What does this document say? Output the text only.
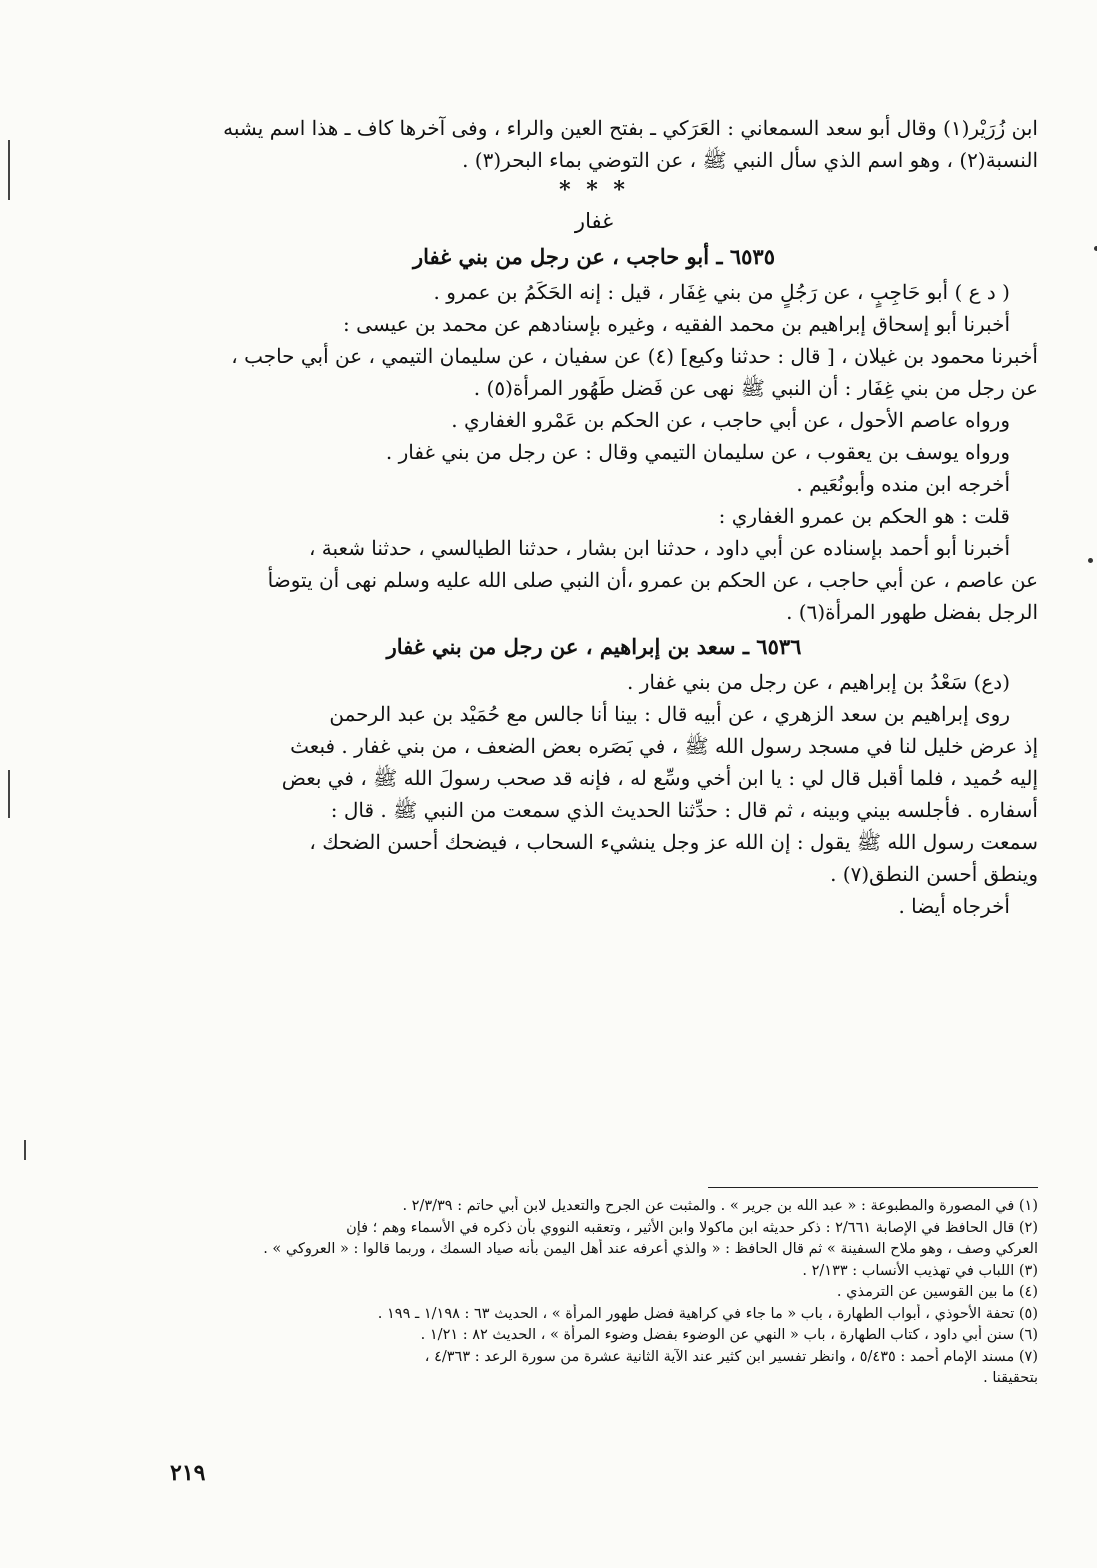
ابن زُرَيْر(١) وقال أبو سعد السمعاني : العَرَكي ـ بفتح العين والراء ، وفى آخرها كاف ـ هذا اسم يشبه

النسبة(٢) ، وهو اسم الذي سأل النبي ﷺ ، عن التوضي بماء البحر(٣) .

* * *
غفار
٦٥٣٥ ـ أبو حاجب ، عن رجل من بني غفار

( د ع ) أبو حَاجِبٍ ، عن رَجُلٍ من بني غِفَار ، قيل : إنه الحَكَمُ بن عمرو .

أخبرنا أبو إسحاق إبراهيم بن محمد الفقيه ، وغيره بإسنادهم عن محمد بن عيسى :

أخبرنا محمود بن غيلان ، [ قال : حدثنا وكيع] (٤) عن سفيان ، عن سليمان التيمي ، عن أبي حاجب ،

عن رجل من بني غِفَار : أن النبي ﷺ نهى عن فَضل طَهُور المرأة(٥) .

ورواه عاصم الأحول ، عن أبي حاجب ، عن الحكم بن عَمْرو الغفاري .

ورواه يوسف بن يعقوب ، عن سليمان التيمي وقال : عن رجل من بني غفار .

أخرجه ابن منده وأبونُعَيم .

قلت : هو الحكم بن عمرو الغفاري :

أخبرنا أبو أحمد بإسناده عن أبي داود ، حدثنا ابن بشار ، حدثنا الطيالسي ، حدثنا شعبة ،

عن عاصم ، عن أبي حاجب ، عن الحكم بن عمرو ،أن النبي صلى الله عليه وسلم نهى أن يتوضأ

الرجل بفضل طهور المرأة(٦) .

٦٥٣٦ ـ سعد بن إبراهيم ، عن رجل من بني غفار

(دع) سَعْدُ بن إبراهيم ، عن رجل من بني غفار .

روى إبراهيم بن سعد الزهري ، عن أبيه قال : بينا أنا جالس مع حُمَيْد بن عبد الرحمن

إذ عرض خليل لنا في مسجد رسول الله ﷺ ، في بَصَره بعض الضعف ، من بني غفار . فبعث

إليه حُميد ، فلما أقبل قال لي : يا ابن أخي وسِّع له ، فإنه قد صحب رسولَ الله ﷺ ، في بعض

أسفاره . فأجلسه بيني وبينه ، ثم قال : حدِّثنا الحديث الذي سمعت من النبي ﷺ . قال :

سمعت رسول الله ﷺ يقول : إن الله عز وجل ينشيء السحاب ، فيضحك أحسن الضحك ،

وينطق أحسن النطق(٧) .

أخرجاه أيضا .

(١) في المصورة والمطبوعة : « عبد الله بن جرير » . والمثبت عن الجرح والتعديل لابن أبي حاتم : ٢/٣/٣٩ .

(٢) قال الحافظ في الإصابة ٢/٦٦١ : ذكر حديثه ابن ماكولا وابن الأثير ، وتعقبه النووي بأن ذكره في الأسماء وهم ؛ فإن

العركي وصف ، وهو ملاح السفينة » ثم قال الحافظ : « والذي أعرفه عند أهل اليمن بأنه صياد السمك ، وربما قالوا : « العروكي » .

(٣) اللباب في تهذيب الأنساب : ٢/١٣٣ .

(٤) ما بين القوسين عن الترمذي .

(٥) تحفة الأحوذي ، أبواب الطهارة ، باب « ما جاء في كراهية فضل طهور المرأة » ، الحديث ٦٣ : ١/١٩٨ ـ ١٩٩ .

(٦) سنن أبي داود ، كتاب الطهارة ، باب « النهي عن الوضوء بفضل وضوء المرأة » ، الحديث ٨٢ : ١/٢١ .

(٧) مسند الإمام أحمد : ٥/٤٣٥ ، وانظر تفسير ابن كثير عند الآية الثانية عشرة من سورة الرعد : ٤/٣٦٣ ،

بتحقيقنا .

٢١٩
